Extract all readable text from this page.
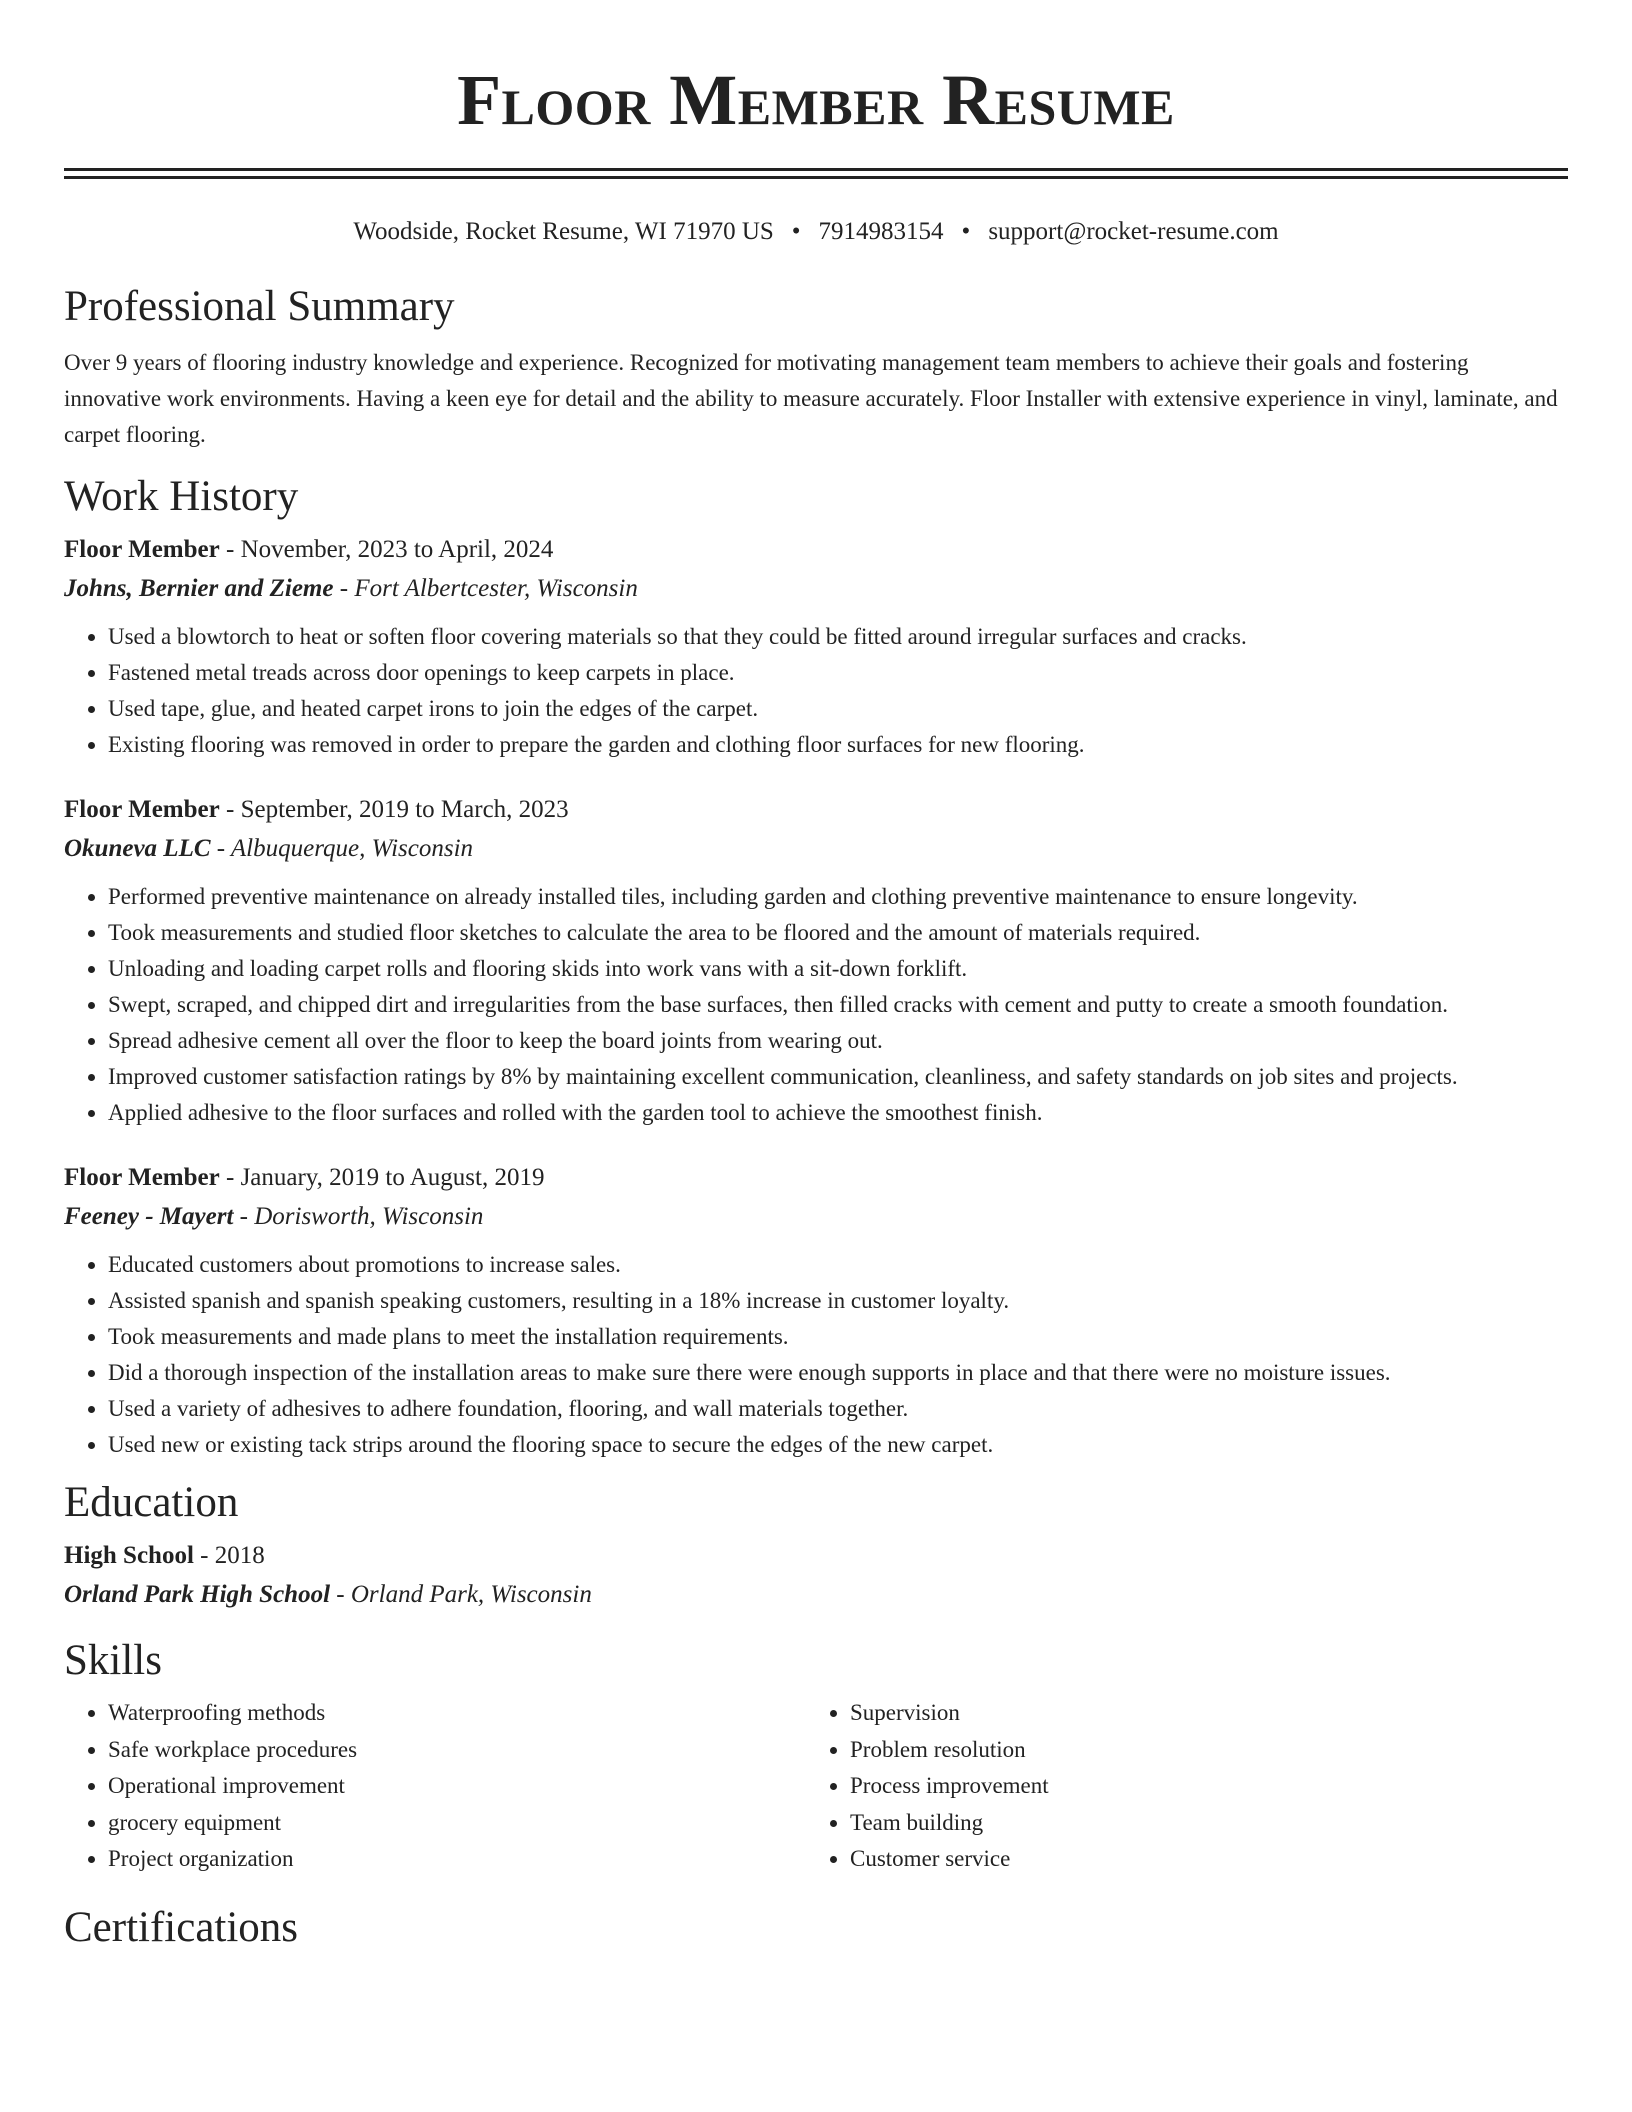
Floor Member Resume
Woodside, Rocket Resume, WI 71970 US • 7914983154 • support@rocket-resume.com
Professional Summary

Over 9 years of flooring industry knowledge and experience. Recognized for motivating management team members to achieve their goals and fostering innovative work environments. Having a keen eye for detail and the ability to measure accurately. Floor Installer with extensive experience in vinyl, laminate, and carpet flooring.

Work History
Floor Member - November, 2023 to April, 2024
Johns, Bernier and Zieme - Fort Albertcester, Wisconsin
• Used a blowtorch to heat or soften floor covering materials so that they could be fitted around irregular surfaces and cracks.
• Fastened metal treads across door openings to keep carpets in place.
• Used tape, glue, and heated carpet irons to join the edges of the carpet.
• Existing flooring was removed in order to prepare the garden and clothing floor surfaces for new flooring.
Floor Member - September, 2019 to March, 2023
Okuneva LLC - Albuquerque, Wisconsin
• Performed preventive maintenance on already installed tiles, including garden and clothing preventive maintenance to ensure longevity.
• Took measurements and studied floor sketches to calculate the area to be floored and the amount of materials required.
• Unloading and loading carpet rolls and flooring skids into work vans with a sit-down forklift.
• Swept, scraped, and chipped dirt and irregularities from the base surfaces, then filled cracks with cement and putty to create a smooth foundation.
• Spread adhesive cement all over the floor to keep the board joints from wearing out.
• Improved customer satisfaction ratings by 8% by maintaining excellent communication, cleanliness, and safety standards on job sites and projects.
• Applied adhesive to the floor surfaces and rolled with the garden tool to achieve the smoothest finish.
Floor Member - January, 2019 to August, 2019
Feeney - Mayert - Dorisworth, Wisconsin
• Educated customers about promotions to increase sales.
• Assisted spanish and spanish speaking customers, resulting in a 18% increase in customer loyalty.
• Took measurements and made plans to meet the installation requirements.
• Did a thorough inspection of the installation areas to make sure there were enough supports in place and that there were no moisture issues.
• Used a variety of adhesives to adhere foundation, flooring, and wall materials together.
• Used new or existing tack strips around the flooring space to secure the edges of the new carpet.
Education
High School - 2018
Orland Park High School - Orland Park, Wisconsin
Skills
• Waterproofing methods
• Safe workplace procedures
• Operational improvement
• grocery equipment
• Project organization
• Supervision
• Problem resolution
• Process improvement
• Team building
• Customer service
Certifications
